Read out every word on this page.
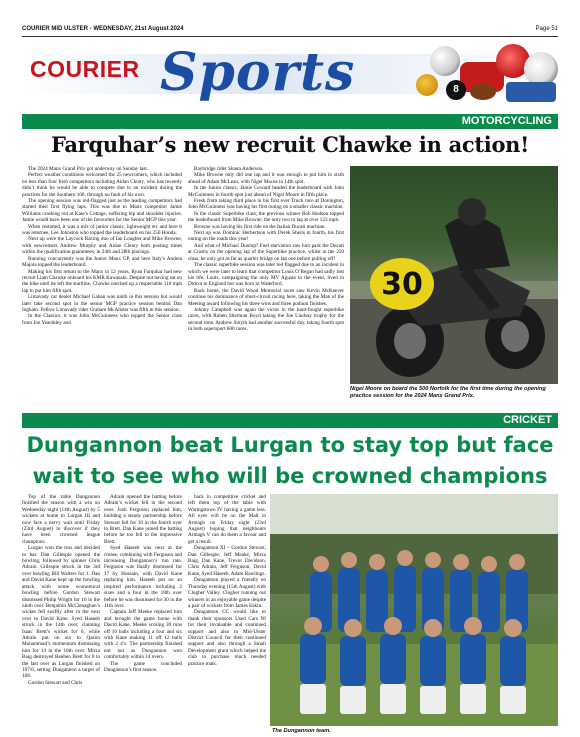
COURIER MID ULSTER - WEDNESDAY, 21st August 2024	Page 51
COURIER Sports	8
MOTORCYCLING
Farquhar’s new recruit Chawke in action!

The 2024 Manx Grand Prix got underway on Sunday last.

Perfect weather conditions welcomed the 25 newcomers, which included no less than four Irish competitors including Aidan Cleary, who has recently didn’t think he would be able to compete due to an incident during the practices for the Southern 100, through no fault of his own.

The opening session was red-flagged just as the leading competitors had started their first flying laps. This was due to Manx competitor Jamie Williams crashing out at Kate’s Cottage, suffering hip and shoulder injuries. Jamie would have been one of the favourites for the Senior MGP this year.

When restarted, it was a mix of junior classic, lightweight etc and here it was returnee, Lee Johnston who topped the leaderboard on his 250 Honda.

Next up were the Laycock Racing duo of Ian Lougher and Mike Browne, with newcomers Andrew Murphy and Aidan Cleary both posting times within the qualification guarantees, in 24th and 28th placings.

Running concurrently was the Junior Manx GP, and here Italy’s Andrea Majola topped the leaderboard.

Making his first return to the Manx in 12 years, Ryan Farquhar had new recruit Liam Chawke onboard his KMR Kawasaki. Despite not having sat on the bike until he left the startline, Chawke notched up a respectable 110 mph lap to put him fifth spot.

Limavady car dealer Michael Gahan was ninth in this session but would later take second spot in the senior MGP practice session behind Dan Ingham. Fellow Limavady rider Graham McAlister was fifth in this session.

In the Classics, it was John McGuinness who topped the Senior class from Joe Yeardsley and

Baybridge rider Shaun Anderson.

Mike Browne only did one lap and it was enough to put him in sixth ahead of Adam McLean, with Nigel Moore in 14th spot.

In the Junior classic, Jamie Coward headed the leaderboard with John McGuinness in fourth spot just ahead of Nigel Moore in fifth place.

Fresh from taking third place in his first ever Truck race at Donington, John McGuinness was having his first outing on a smaller classic machine.

In the classic Superbike class, the previous winner Rob Hodson topped the leaderboard from Mike Browne, the only two to lap at over 123 mph.

Browne was having his first ride on the Italian Ducati machine.

Next up was Dominic Herbertson with Derek Sheils in fourth, his first outing on the roads this year!

And what of Michael Dunlop? Fuel starvation saw him park the Ducati at Crosby on the opening lap of the Superbike practice, whilst in the 250 class, he only got as far as quarter bridge on lap one before pulling off!

The classic superbike session was later red flagged due to an incident in which we were later to learn that competitor Louis O’Regan had sadly lost his life. Louis, campaigning the only MV Agusta in the event, lived in Didcot in England but was born in Waterford.

Back home, the David Wood Memorial races saw Kevin McKeever continue his dominance of short-circuit racing here, taking the Man of the Meeting award following his three wins and three podium finishes.

Johnny Campbell was again the victor in the hard-fought superbike races, with Ruben Sherman Boyd taking the Joe Lindsay trophy for the second time. Andrew Smyth had another successful day, taking fourth spot in both supersport 600 races.

30
Nigel Moore on board the 500 Norfolk for the first time during the opening practice session for the 2024 Manx Grand Prix.
CRICKET
Dungannon beat Lurgan to stay top but face wait to see who will be crowned champions

Top of the table Dungannon finished the season with a win on Wednesday night (14th August) by 5 wickets at home to Lurgan III and now face a nervy wait until Friday (23rd August) to discover if they have been crowned league champions.

Lurgan won the toss and decided to bat. Dan Gillespie opened the bowling, followed by spinner Chris Adrain. Gillespie struck in the 3rd over bowling Bill Walters for 1. Dan and David Kane kept up the bowling attack with some economical bowling before Gordon Stewart dismissed Philip Wright for 10 in the ninth over. Benjamin McClenaghan’s wicket fell swiftly after in the next over to David Kane. Syed Haseeb struck in the 14th over, claiming Isaac Brett’s wicket for 6, while Adrain put on six to Qasim Mohammad’s momentum dismissing him for 14 in the 10th over. Mirza Baig destroyed Reuben Brett for 0 in the last over as Lurgan finished on 107/6, setting Dungannon a target of 108.

Gordon Stewart and Chris

Adrain opened the batting before Adrain’s wicket fell in the second over. Josh Ferguson replaced him, building a steady partnership before Stewart fell for 10 in the fourth over to Brett. Dan Kane joined the batting before he too fell to the impressive Brett.

Syed Haseeb was next at the crease, combining with Ferguson and increasing Dungannon’s run rate. Ferguson was finally dismissed for 17 by Hossain, with David Kane replacing him. Haseeb put on an inspired performance including 2 sixes and a four in the 18th over before he was dismissed for 30 in the 11th over.

Captain Jeff Meeke replaced him and brought the game home with David Kane, Meeke scoring 20 runs off 16 balls including a four and six with Kane making 11 off 12 balls with 2 4’s. The partnership finished not out as Dungannon won comfortably within 14 overs.

The game concluded Dungannon’s first season

back in competitive cricket and left them top of the table with Waringstown IV having a game less. All eyes will be on the Mall in Armagh on Friday night (23rd August) hoping that neighbours Armagh V can do them a favour and get a result.

Dungannon XI – Gordon Stewart, Dan Gillespie, Jeff Meake, Mirza Baig, Dan Kane, Trevor Davidson, Chris Adrain, Jeff Ferguson, David Kane, Syed Haseeb, Adam Rawlings.

Dungannon played a friendly on Thursday evening (15th August) with Clogher Valley. Clogher running out winners in an enjoyable game despite a pair of wickets from James Eakin.

Dungannon CC would like to thank their sponsors Used Cars NI for their invaluable and continued support and also to Mid-Ulster District Council for their continued support and also through a Small Development grant which helped the club to purchase much needed practice mats.

The Dungannon team.
